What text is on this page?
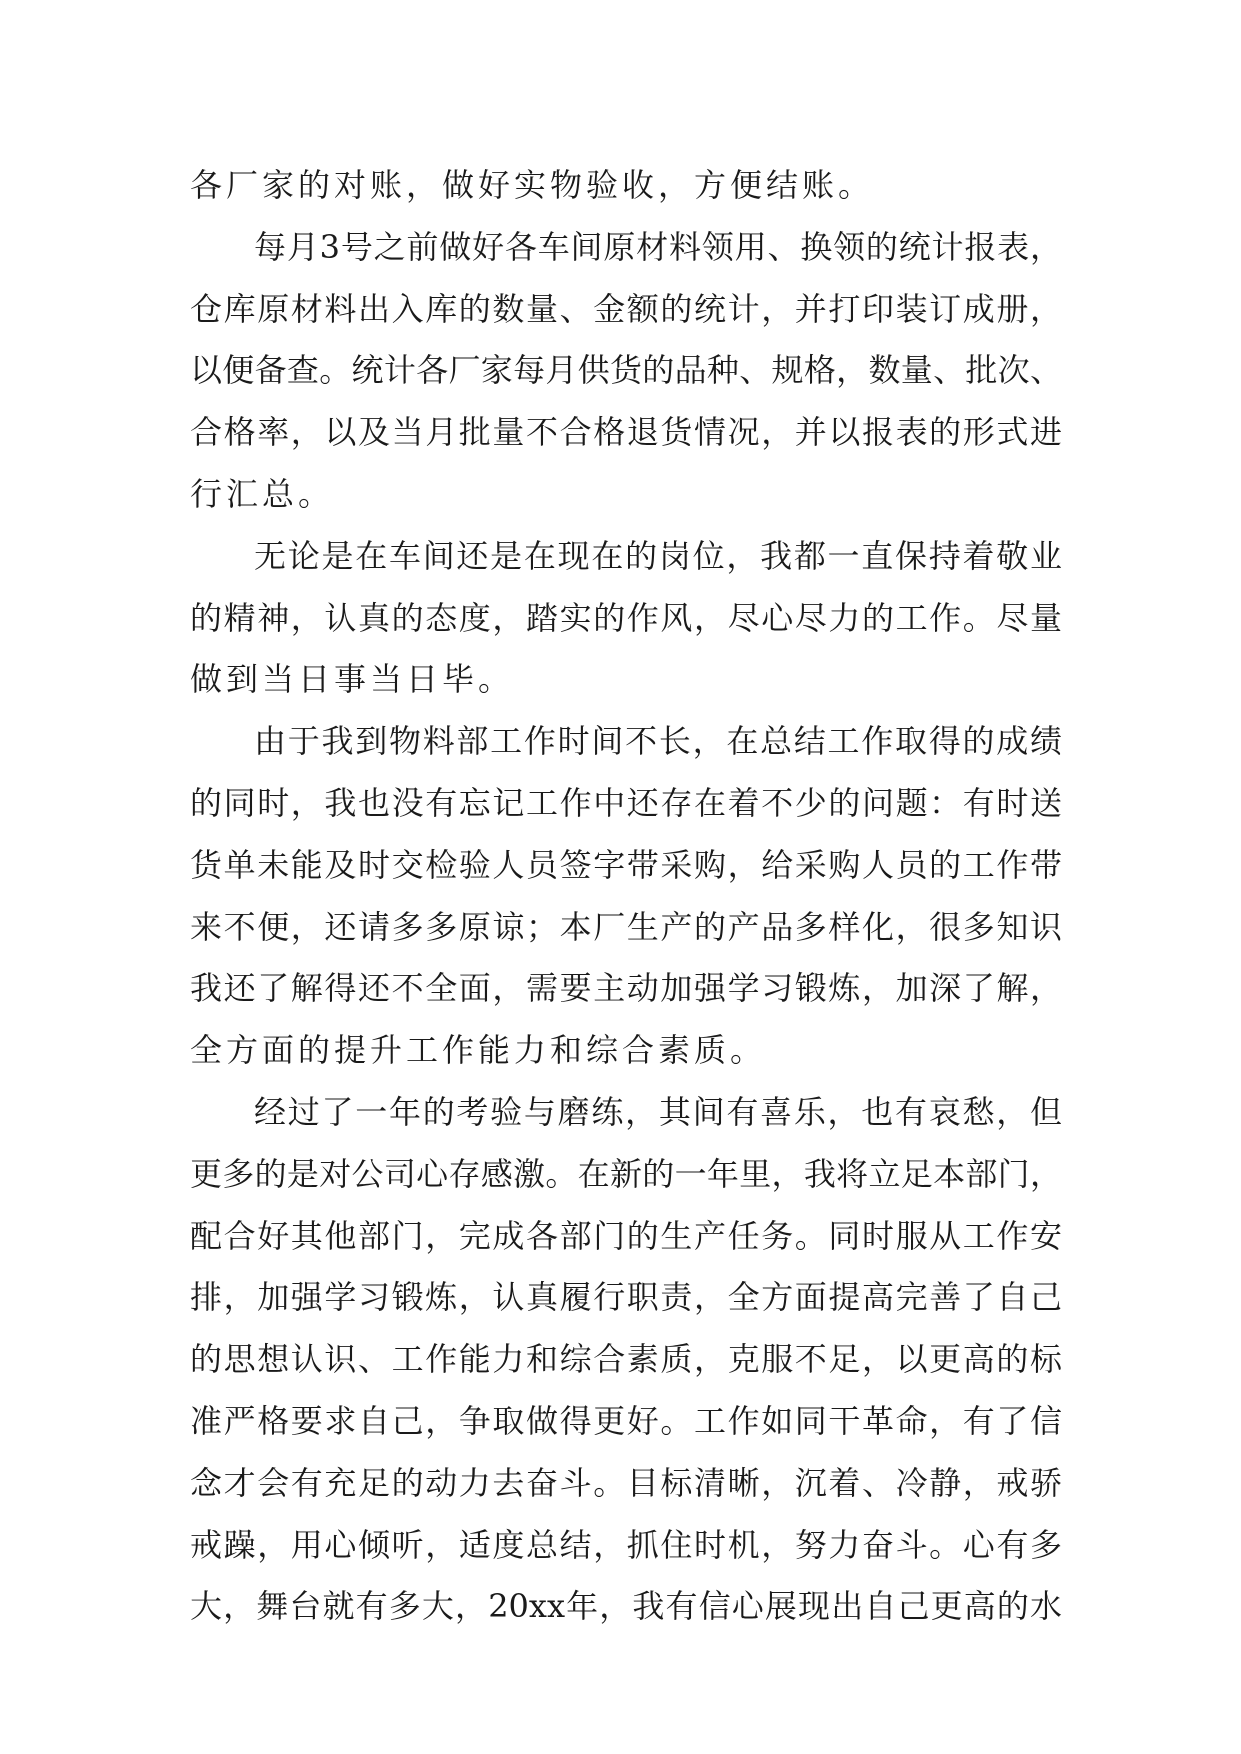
各厂家的对账，做好实物验收，方便结账。
每月3号之前做好各车间原材料领用、换领的统计报表，
仓库原材料出入库的数量、金额的统计，并打印装订成册，
以便备查。统计各厂家每月供货的品种、规格，数量、批次、
合格率，以及当月批量不合格退货情况，并以报表的形式进
行汇总。
无论是在车间还是在现在的岗位，我都一直保持着敬业
的精神，认真的态度，踏实的作风，尽心尽力的工作。尽量
做到当日事当日毕。
由于我到物料部工作时间不长，在总结工作取得的成绩
的同时，我也没有忘记工作中还存在着不少的问题：有时送
货单未能及时交检验人员签字带采购，给采购人员的工作带
来不便，还请多多原谅；本厂生产的产品多样化，很多知识
我还了解得还不全面，需要主动加强学习锻炼，加深了解，
全方面的提升工作能力和综合素质。
经过了一年的考验与磨练，其间有喜乐，也有哀愁，但
更多的是对公司心存感激。在新的一年里，我将立足本部门，
配合好其他部门，完成各部门的生产任务。同时服从工作安
排，加强学习锻炼，认真履行职责，全方面提高完善了自己
的思想认识、工作能力和综合素质，克服不足，以更高的标
准严格要求自己，争取做得更好。工作如同干革命，有了信
念才会有充足的动力去奋斗。目标清晰，沉着、冷静，戒骄
戒躁，用心倾听，适度总结，抓住时机，努力奋斗。心有多
大，舞台就有多大，20xx年，我有信心展现出自己更高的水
